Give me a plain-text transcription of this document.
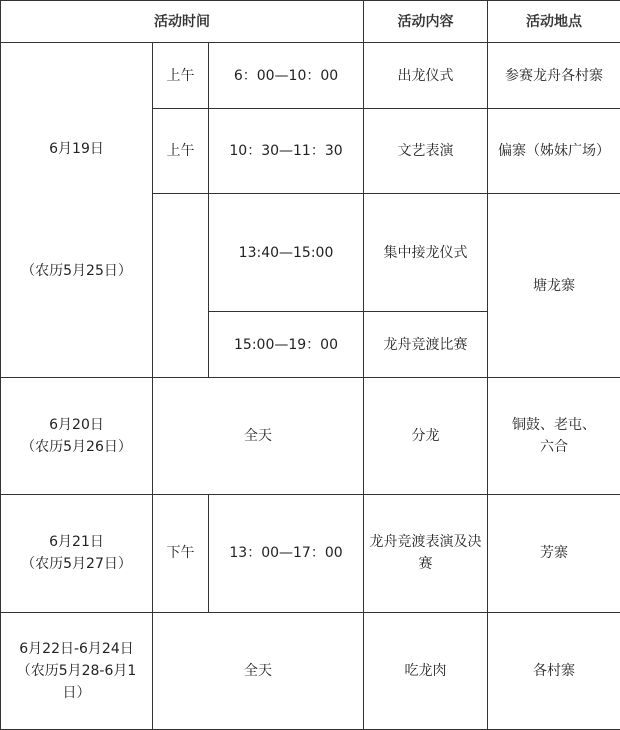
活动时间			活动内容	活动地点

6月19日
（农历5月25日）	上午	6：00—10：00	出龙仪式	参赛龙舟各村寨
	上午	10：30—11：30	文艺表演	偏寨（姊妹广场）
		13:40—15:00	集中接龙仪式	塘龙寨
		15:00—19：00	龙舟竞渡比赛	

6月20日
（农历5月26日）	全天		分龙	铜鼓、老屯、六合

6月21日
（农历5月27日）	下午	13：00—17：00	龙舟竞渡表演及决赛	芳寨

6月22日-6月24日
（农历5月28-6月1日）	全天		吃龙肉	各村寨
